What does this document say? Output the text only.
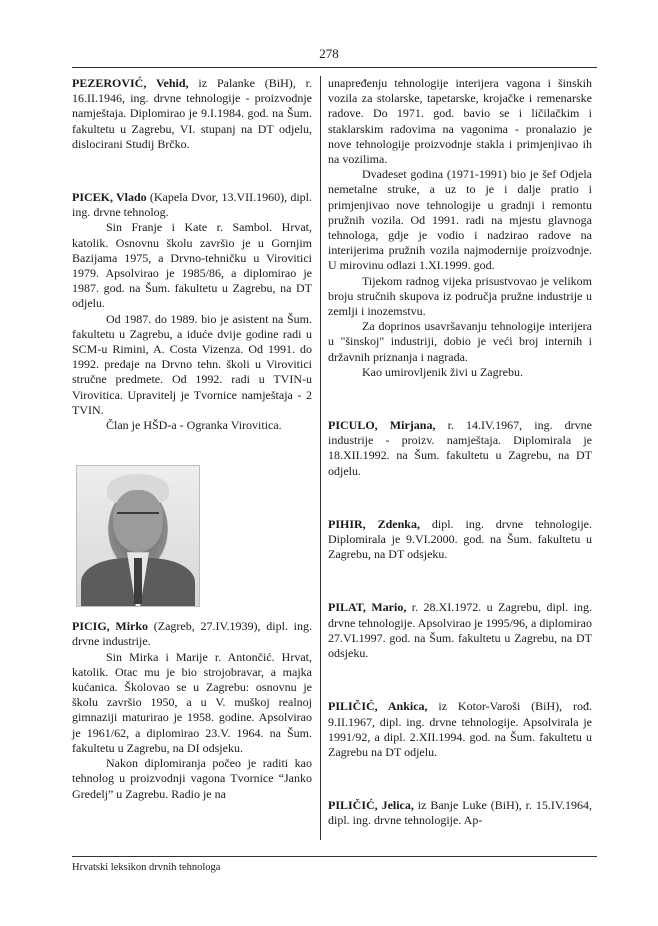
278

PEZEROVIĆ, Vehid, iz Palanke (BiH), r. 16.II.1946, ing. drvne tehnologije - proizvodnje namještaja. Diplomirao je 9.I.1984. god. na Šum. fakultetu u Zagrebu, VI. stupanj na DT odjelu, dislocirani Studij Brčko.

PICEK, Vlado (Kapela Dvor, 13.VII.1960), dipl. ing. drvne tehnolog.

Sin Franje i Kate r. Sambol. Hrvat, katolik. Osnovnu školu završio je u Gornjim Bazijama 1975, a Drvno-tehničku u Virovitici 1979. Apsolvirao je 1985/86, a diplomirao je 1987. god. na Šum. fakultetu u Zagrebu, na DT odjelu.

Od 1987. do 1989. bio je asistent na Šum. fakultetu u Zagrebu, a iduće dvije godine radi u SCM-u Rimini, A. Costa Vizenza. Od 1991. do 1992. predaje na Drvno tehn. školi u Virovitici stručne predmete. Od 1992. radi u TVIN-u Virovitica. Upravitelj je Tvornice namještaja - 2 TVIN.

Član je HŠD-a - Ogranka Virovitica.

PICIG, Mirko (Zagreb, 27.IV.1939), dipl. ing. drvne industrije.

Sin Mirka i Marije r. Antončić. Hrvat, katolik. Otac mu je bio strojobravar, a majka kućanica. Školovao se u Zagrebu: osnovnu je školu završio 1950, a u V. muškoj realnoj gimnaziji maturirao je 1958. godine. Apsolvirao je 1961/62, a diplomirao 23.V. 1964. na Šum. fakultetu u Zagrebu, na DI odsjeku.

Nakon diplomiranja počeo je raditi kao tehnolog u proizvodnji vagona Tvornice “Janko Gredelj” u Zagrebu. Radio je na

unapređenju tehnologije interijera vagona i šinskih vozila za stolarske, tapetarske, krojačke i remenarske radove. Do 1971. god. bavio se i ličilačkim i staklarskim radovima na vagonima - pronalazio je nove tehnologije proizvodnje stakla i primjenjivao ih na vozilima.

Dvadeset godina (1971-1991) bio je šef Odjela nemetalne struke, a uz to je i dalje pratio i primjenjivao nove tehnologije u gradnji i remontu pružnih vozila. Od 1991. radi na mjestu glavnoga tehnologa, gdje je vodio i nadzirao radove na interijerima pružnih vozila najmodernije proizvodnje. U mirovinu odlazi 1.XI.1999. god.

Tijekom radnog vijeka prisustvovao je velikom broju stručnih skupova iz područja pružne industrije u zemlji i inozemstvu.

Za doprinos usavršavanju tehnologije interijera u "šinskoj" industriji, dobio je veći broj internih i državnih priznanja i nagrada.

Kao umirovljenik živi u Zagrebu.

PICULO, Mirjana, r. 14.IV.1967, ing. drvne industrije - proizv. namještaja. Diplomirala je 18.XII.1992. na Šum. fakultetu u Zagrebu, na DT odjelu.

PIHIR, Zdenka, dipl. ing. drvne tehnologije. Diplomirala je 9.VI.2000. god. na Šum. fakultetu u Zagrebu, na DT odsjeku.

PILAT, Mario, r. 28.XI.1972. u Zagrebu, dipl. ing. drvne tehnologije. Apsolvirao je 1995/96, a diplomirao 27.VI.1997. god. na Šum. fakultetu u Zagrebu, na DT odsjeku.

PILIČIĆ, Ankica, iz Kotor-Varoši (BiH), rođ. 9.II.1967, dipl. ing. drvne tehnologije. Apsolvirala je 1991/92, a dipl. 2.XII.1994. god. na Šum. fakultetu u Zagrebu na DT odjelu.

PILIČIĆ, Jelica, iz Banje Luke (BiH), r. 15.IV.1964, dipl. ing. drvne tehnologije. Ap-

Hrvatski leksikon drvnih tehnologa
